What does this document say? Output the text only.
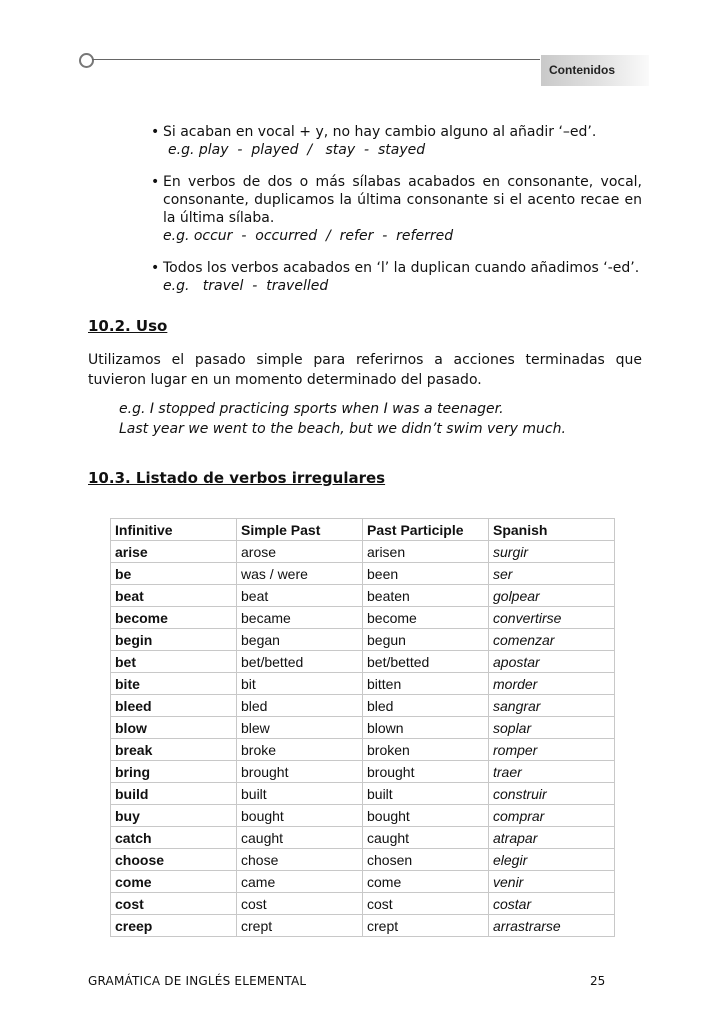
Contenidos
• Si acaban en vocal + y, no hay cambio alguno al añadir ‘–ed’.

e.g. play  -  played  /   stay  -  stayed
• En verbos de dos o más sílabas acabados en consonante, vocal, consonante, duplicamos la última consonante si el acento recae en la última sílaba.

e.g. occur  -  occurred  /  refer  -  referred
• Todos los verbos acabados en ‘l’ la duplican cuando añadimos ‘-ed’.

e.g.   travel  -  travelled
10.2. Uso

Utilizamos el pasado simple para referirnos a acciones terminadas que tuvieron lugar en un momento determinado del pasado.

e.g. I stopped practicing sports when I was a teenager.
Last year we went to the beach, but we didn’t swim very much.
10.3. Listado de verbos irregulares
Infinitive	Simple Past	Past Participle	Spanish
arise	arose	arisen	surgir
be	was / were	been	ser
beat	beat	beaten	golpear
become	became	become	convertirse
begin	began	begun	comenzar
bet	bet/betted	bet/betted	apostar
bite	bit	bitten	morder
bleed	bled	bled	sangrar
blow	blew	blown	soplar
break	broke	broken	romper
bring	brought	brought	traer
build	built	built	construir
buy	bought	bought	comprar
catch	caught	caught	atrapar
choose	chose	chosen	elegir
come	came	come	venir
cost	cost	cost	costar
creep	crept	crept	arrastrarse
GRAMÁTICA DE INGLÉS ELEMENTAL	25
